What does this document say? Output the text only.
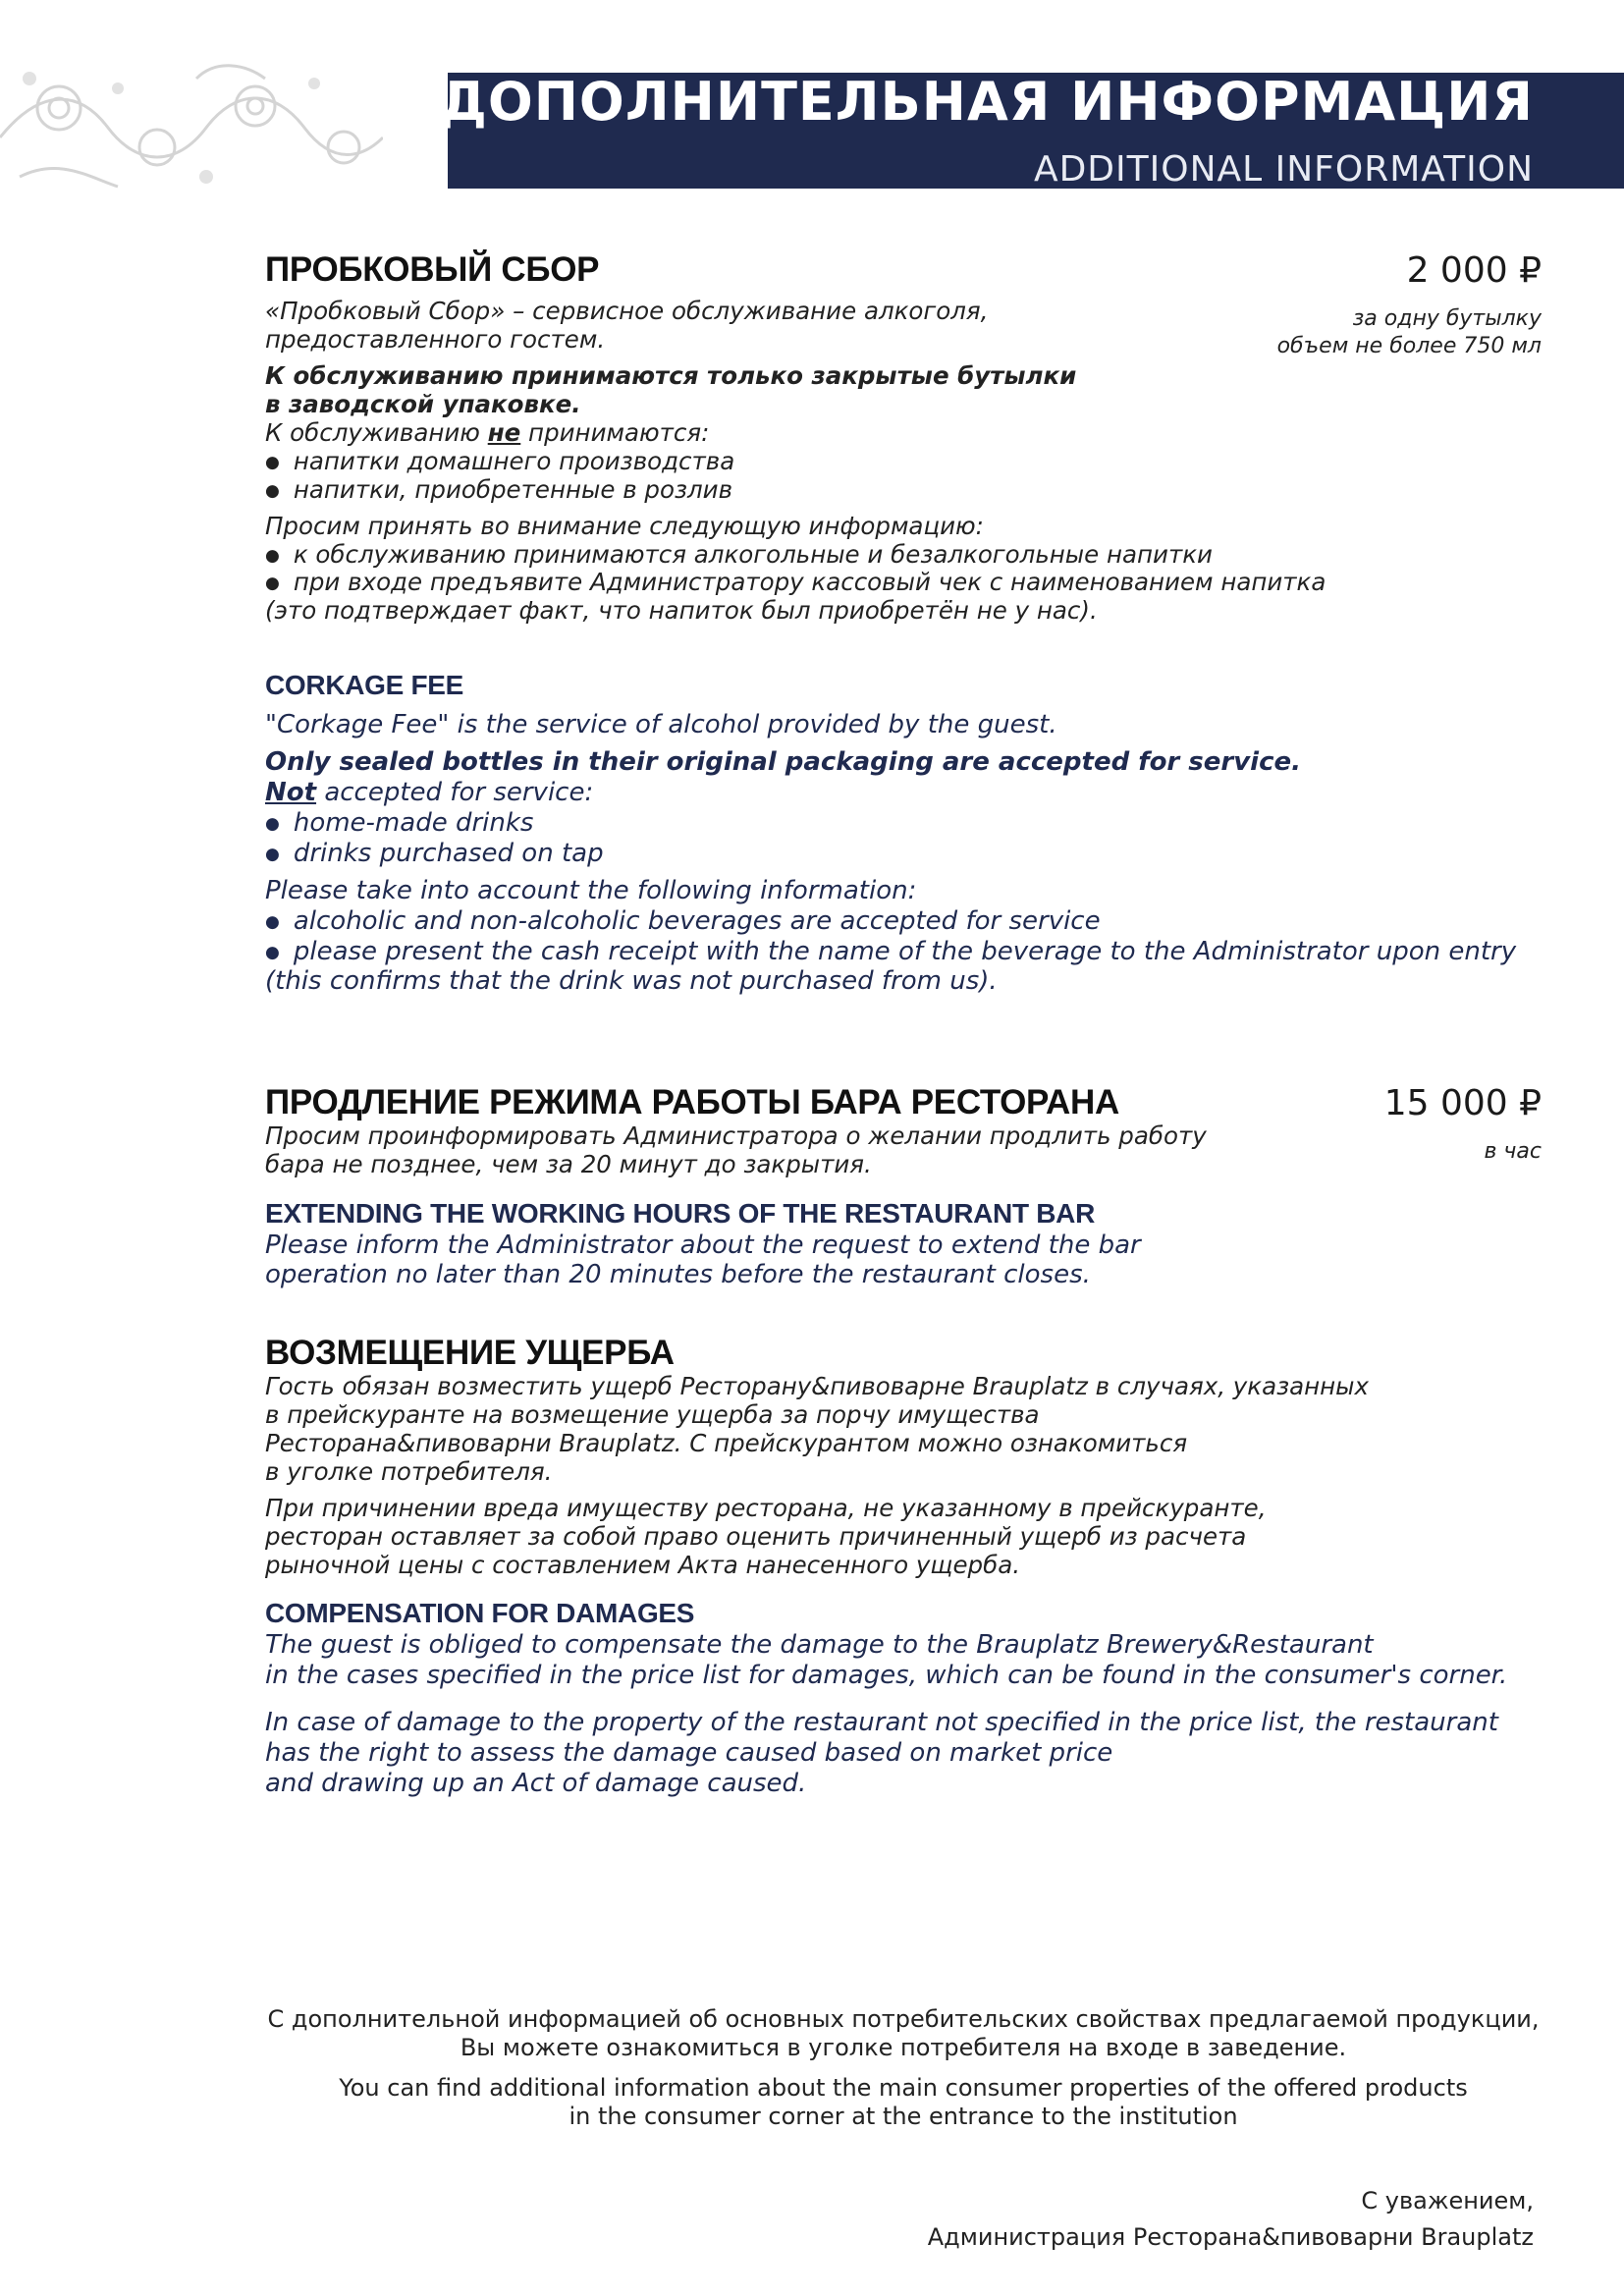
ДОПОЛНИТЕЛЬНАЯ ИНФОРМАЦИЯ
ADDITIONAL INFORMATION
ПРОБКОВЫЙ СБОР	2 000 ₽
за одну бутылку
объем не более 750 мл

«Пробковый Сбор» – сервисное обслуживание алкоголя,

предоставленного гостем.

К обслуживанию принимаются только закрытые бутылки

в заводской упаковке.

К обслуживанию не принимаются:

● напитки домашнего производства
● напитки, приобретенные в розлив

Просим принять во внимание следующую информацию:

● к обслуживанию принимаются алкогольные и безалкогольные напитки
● при входе предъявите Администратору кассовый чек с наименованием напитка

(это подтверждает факт, что напиток был приобретён не у нас).

CORKAGE FEE

"Corkage Fee" is the service of alcohol provided by the guest.

Only sealed bottles in their original packaging are accepted for service.

Not accepted for service:

● home-made drinks
● drinks purchased on tap

Please take into account the following information:

● alcoholic and non-alcoholic beverages are accepted for service
● please present the cash receipt with the name of the beverage to the Administrator upon entry

(this confirms that the drink was not purchased from us).

ПРОДЛЕНИЕ РЕЖИМА РАБОТЫ БАРА РЕСТОРАНА	15 000 ₽
в час

Просим проинформировать Администратора о желании продлить работу

бара не позднее, чем за 20 минут до закрытия.

EXTENDING THE WORKING HOURS OF THE RESTAURANT BAR

Please inform the Administrator about the request to extend the bar

operation no later than 20 minutes before the restaurant closes.

ВОЗМЕЩЕНИЕ УЩЕРБА

Гость обязан возместить ущерб Ресторану&пивоварне Brauplatz в случаях, указанных

в прейскуранте на возмещение ущерба за порчу имущества

Ресторана&пивоварни Brauplatz. С прейскурантом можно ознакомиться

в уголке потребителя.

При причинении вреда имуществу ресторана, не указанному в прейскуранте,

ресторан оставляет за собой право оценить причиненный ущерб из расчета

рыночной цены с составлением Акта нанесенного ущерба.

COMPENSATION FOR DAMAGES

The guest is obliged to compensate the damage to the Brauplatz Brewery&Restaurant

in the cases specified in the price list for damages, which can be found in the consumer's corner.

In case of damage to the property of the restaurant not specified in the price list, the restaurant

has the right to assess the damage caused based on market price

and drawing up an Act of damage caused.

С дополнительной информацией об основных потребительских свойствах предлагаемой продукции,
Вы можете ознакомиться в уголке потребителя на входе в заведение.
You can find additional information about the main consumer properties of the offered products
in the consumer corner at the entrance to the institution
С уважением,
Администрация Ресторана&пивоварни Brauplatz
